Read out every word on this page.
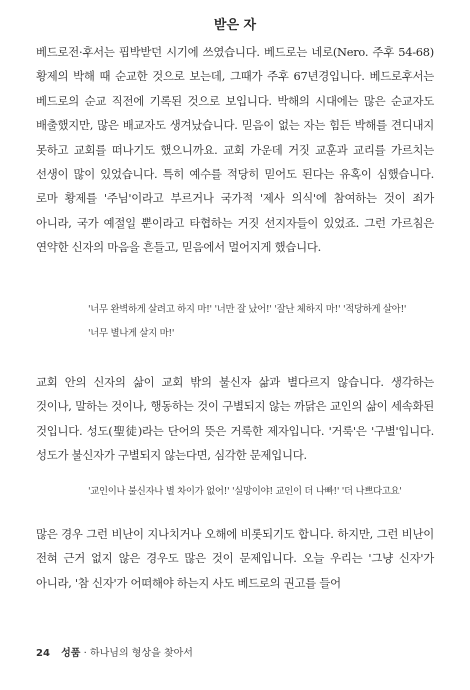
받은 자

베드로전·후서는 핍박받던 시기에 쓰였습니다. 베드로는 네로(Nero. 주후 54-68) 황제의 박해 때 순교한 것으로 보는데, 그때가 주후 67년경입니다. 베드로후서는 베드로의 순교 직전에 기록된 것으로 보입니다. 박해의 시대에는 많은 순교자도 배출했지만, 많은 배교자도 생겨났습니다. 믿음이 없는 자는 힘든 박해를 견디내지 못하고 교회를 떠나기도 했으니까요. 교회 가운데 거짓 교훈과 교리를 가르치는 선생이 많이 있었습니다. 특히 예수를 적당히 믿어도 된다는 유혹이 심했습니다. 로마 황제를 '주님'이라고 부르거나 국가적 '제사 의식'에 참여하는 것이 죄가 아니라, 국가 예절일 뿐이라고 타협하는 거짓 선지자들이 있었죠. 그런 가르침은 연약한 신자의 마음을 흔들고, 믿음에서 멀어지게 했습니다.

'너무 완벽하게 살려고 하지 마!' '너만 잘 났어!' '잘난 체하지 마!' '적당하게 살아!'

'너무 별나게 살지 마!'

교회 안의 신자의 삶이 교회 밖의 불신자 삶과 별다르지 않습니다. 생각하는 것이나, 말하는 것이나, 행동하는 것이 구별되지 않는 까닭은 교인의 삶이 세속화된 것입니다. 성도(聖徒)라는 단어의 뜻은 거룩한 제자입니다. '거룩'은 '구별'입니다. 성도가 불신자가 구별되지 않는다면, 심각한 문제입니다.

'교인이나 불신자나 별 차이가 없어!' '실망이야! 교인이 더 나빠!' '더 나쁘다고요'

많은 경우 그런 비난이 지나치거나 오해에 비롯되기도 합니다. 하지만, 그런 비난이 전혀 근거 없지 않은 경우도 많은 것이 문제입니다. 오늘 우리는 '그냥 신자'가 아니라, '참 신자'가 어떠해야 하는지 사도 베드로의 권고를 들어

24 성품 · 하나님의 형상을 찾아서
